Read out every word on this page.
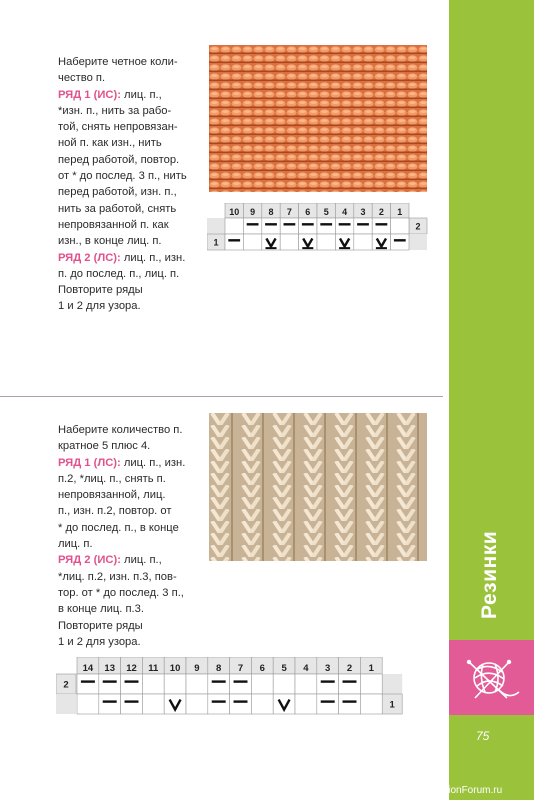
Наберите четное коли-
чество п.
РЯД 1 (ИС): лиц. п.,
*изн. п., нить за рабо-
той, снять непровязан-
ной п. как изн., нить
перед работой, повтор.
от * до послед. 3 п., нить
перед работой, изн. п.,
нить за работой, снять
непровязанной п. как
изн., в конце лиц. п.
РЯД 2 (ЛС): лиц. п., изн.
п. до послед. п., лиц. п.
Повторите ряды
1 и 2 для узора.
10 9 8 7 6 5 4 3 2 1
2
1
Наберите количество п.
кратное 5 плюс 4.
РЯД 1 (ЛС): лиц. п., изн.
п.2, *лиц. п., снять п.
непровязанной, лиц.
п., изн. п.2, повтор. от
* до послед. п., в конце
лиц. п.
РЯД 2 (ИС): лиц. п.,
*лиц. п.2, изн. п.3, пов-
тор. от * до послед. 3 п.,
в конце лиц. п.3.
Повторите ряды
1 и 2 для узора.
14 13 12 11 10 9 8 7 6 5 4 3 2 1
2
1
Резинки
75
PassionForum.ru
